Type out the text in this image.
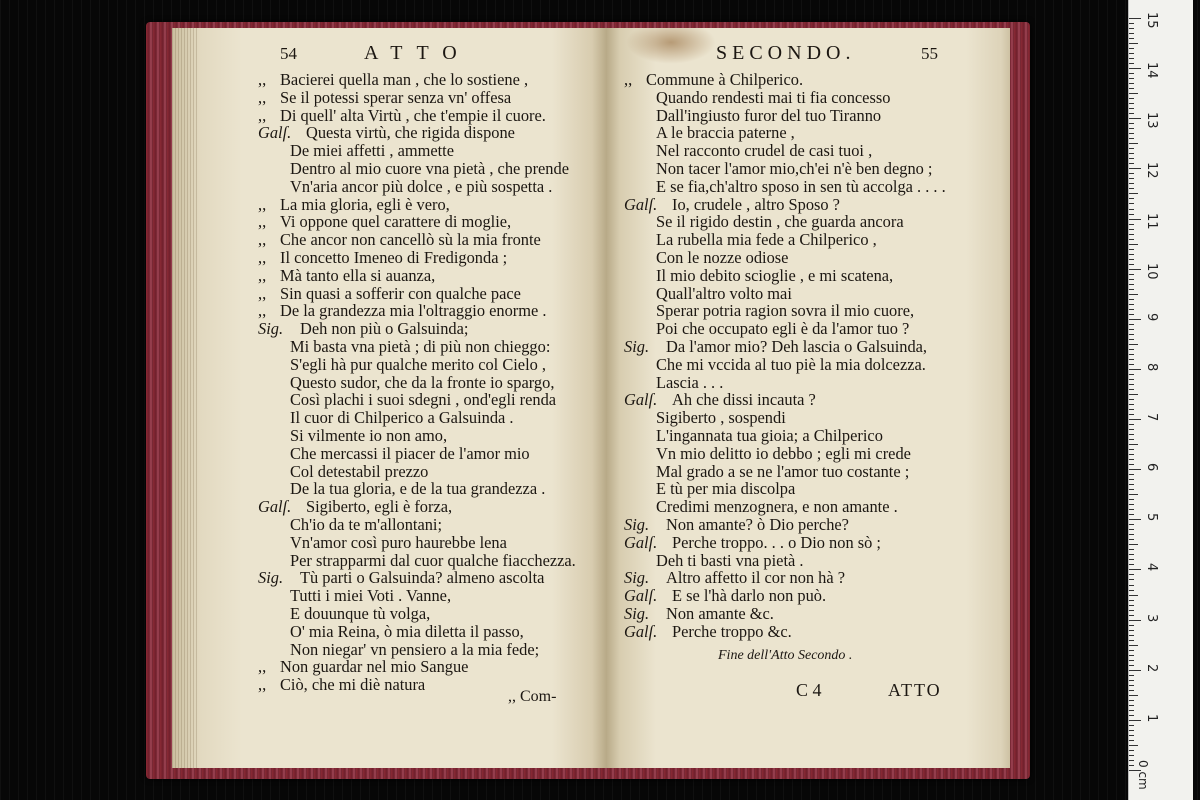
54	ATTO
,, Bacierei quella man , che lo sostiene ,
,, Se il potessi sperar senza vn' offesa
,, Di quell' alta Virtù , che t'empie il cuore.
Galſ. Questa virtù, che rigida dispone
De miei affetti , ammette
Dentro al mio cuore vna pietà , che prende
Vn'aria ancor più dolce , e più sospetta .
,, La mia gloria, egli è vero,
,, Vi oppone quel carattere di moglie,
,, Che ancor non cancellò sù la mia fronte
,, Il concetto Imeneo di Fredigonda ;
,, Mà tanto ella si auanza,
,, Sin quasi a sofferir con qualche pace
,, De la grandezza mia l'oltraggio enorme .
Sig. Deh non più o Galsuinda;
Mi basta vna pietà ; di più non chieggo:
S'egli hà pur qualche merito col Cielo ,
Questo sudor, che da la fronte io spargo,
Così plachi i suoi sdegni , ond'egli renda
Il cuor di Chilperico a Galsuinda .
Si vilmente io non amo,
Che mercassi il piacer de l'amor mio
Col detestabil prezzo
De la tua gloria, e de la tua grandezza .
Galſ. Sigiberto, egli è forza,
Ch'io da te m'allontani;
Vn'amor così puro haurebbe lena
Per strapparmi dal cuor qualche fiacchezza.
Sig. Tù parti o Galsuinda? almeno ascolta
Tutti i miei Voti . Vanne,
E douunque tù volga,
O' mia Reina, ò mia diletta il passo,
Non niegar' vn pensiero a la mia fede;
,, Non guardar nel mio Sangue
,, Ciò, che mi diè natura
,, Com-
SECONDO.	55
,, Commune à Chilperico.
Quando rendesti mai ti fia concesso
Dall'ingiusto furor del tuo Tiranno
A le braccia paterne ,
Nel racconto crudel de casi tuoi ,
Non tacer l'amor mio,ch'ei n'è ben degno ;
E se fia,ch'altro sposo in sen tù accolga . . . .
Galſ. Io, crudele , altro Sposo ?
Se il rigido destin , che guarda ancora
La rubella mia fede a Chilperico ,
Con le nozze odiose
Il mio debito scioglie , e mi scatena,
Quall'altro volto mai
Sperar potria ragion sovra il mio cuore,
Poi che occupato egli è da l'amor tuo ?
Sig. Da l'amor mio? Deh lascia o Galsuinda,
Che mi vccida al tuo piè la mia dolcezza.
Lascia . . .
Galſ. Ah che dissi incauta ?
Sigiberto , sospendi
L'ingannata tua gioia; a Chilperico
Vn mio delitto io debbo ; egli mi crede
Mal grado a se ne l'amor tuo costante ;
E tù per mia discolpa
Credimi menzognera, e non amante .
Sig. Non amante? ò Dio perche?
Galſ. Perche troppo. . . o Dio non sò ;
Deh ti basti vna pietà .
Sig. Altro affetto il cor non hà ?
Galſ. E se l'hà darlo non può.
Sig. Non amante &c.
Galſ. Perche troppo &c.
Fine dell'Atto Secondo .
C 4	ATTO
15
14
13
12
11
10
9
8
7
6
5
4
3
2
1
0 cm
